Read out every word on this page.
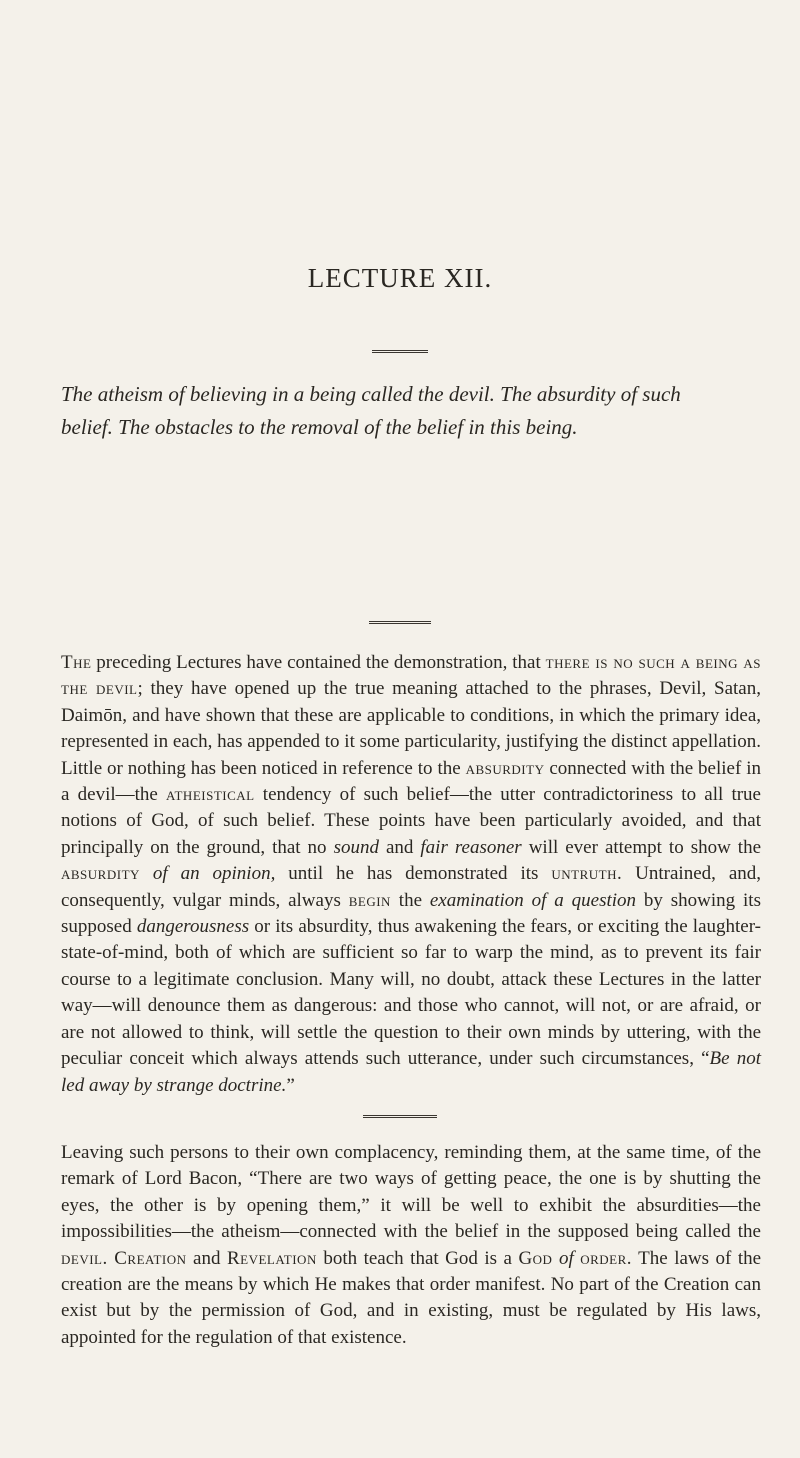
LECTURE XII.

The atheism of believing in a being called the devil. The absurdity of such
belief. The obstacles to the removal of the belief in this being.

The preceding Lectures have contained the demonstration, that there is no such a being as the devil; they have opened up the true meaning attached to the phrases, Devil, Satan, Daimōn, and have shown that these are applicable to conditions, in which the primary idea, represented in each, has appended to it some particularity, justifying the distinct appellation. Little or nothing has been noticed in reference to the absurdity connected with the belief in a devil—the atheistical tendency of such belief—the utter contradictoriness to all true notions of God, of such belief. These points have been particularly avoided, and that principally on the ground, that no sound and fair reasoner will ever attempt to show the absurdity of an opinion, until he has demonstrated its untruth. Untrained, and, consequently, vulgar minds, always begin the examination of a question by showing its supposed dangerousness or its absurdity, thus awakening the fears, or exciting the laughter-state-of-mind, both of which are sufficient so far to warp the mind, as to prevent its fair course to a legitimate conclusion. Many will, no doubt, attack these Lectures in the latter way—will denounce them as dangerous: and those who cannot, will not, or are afraid, or are not allowed to think, will settle the question to their own minds by uttering, with the peculiar conceit which always attends such utterance, under such circumstances, “Be not led away by strange doctrine.”

Leaving such persons to their own complacency, reminding them, at the same time, of the remark of Lord Bacon, “There are two ways of getting peace, the one is by shutting the eyes, the other is by opening them,” it will be well to exhibit the absurdities—the impossibilities—the atheism—connected with the belief in the supposed being called the devil. Creation and Revelation both teach that God is a God of order. The laws of the creation are the means by which He makes that order manifest. No part of the Creation can exist but by the permission of God, and in existing, must be regulated by His laws, appointed for the regulation of that existence.
